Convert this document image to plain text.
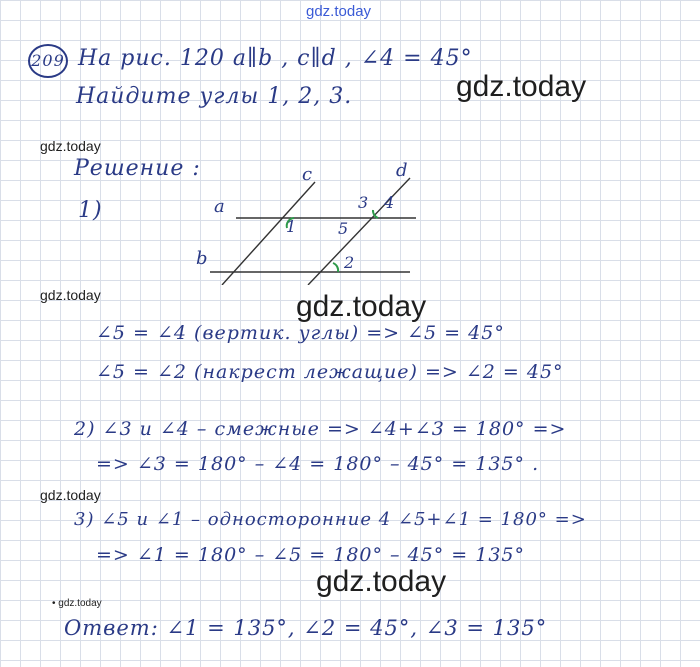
gdz.today
gdz.today
gdz.today
gdz.today
gdz.today
gdz.today
gdz.today
• gdz.today
209 На рис. 120 a∥b , c∥d , ∠4 = 45°
Найдите углы 1, 2, 3.
Решение :	c	d
a
b
3 4
1	5
2
1)
∠5 = ∠4 (вертик. углы) => ∠5 = 45°
∠5 = ∠2 (накрест лежащие) => ∠2 = 45°
2) ∠3 и ∠4 – смежные => ∠4+∠3 = 180° =>
=> ∠3 = 180° – ∠4 = 180° – 45° = 135° .
3) ∠5 и ∠1 – односторонние 4 ∠5+∠1 = 180° =>
=> ∠1 = 180° – ∠5 = 180° – 45° = 135°
Ответ: ∠1 = 135°, ∠2 = 45°, ∠3 = 135°
